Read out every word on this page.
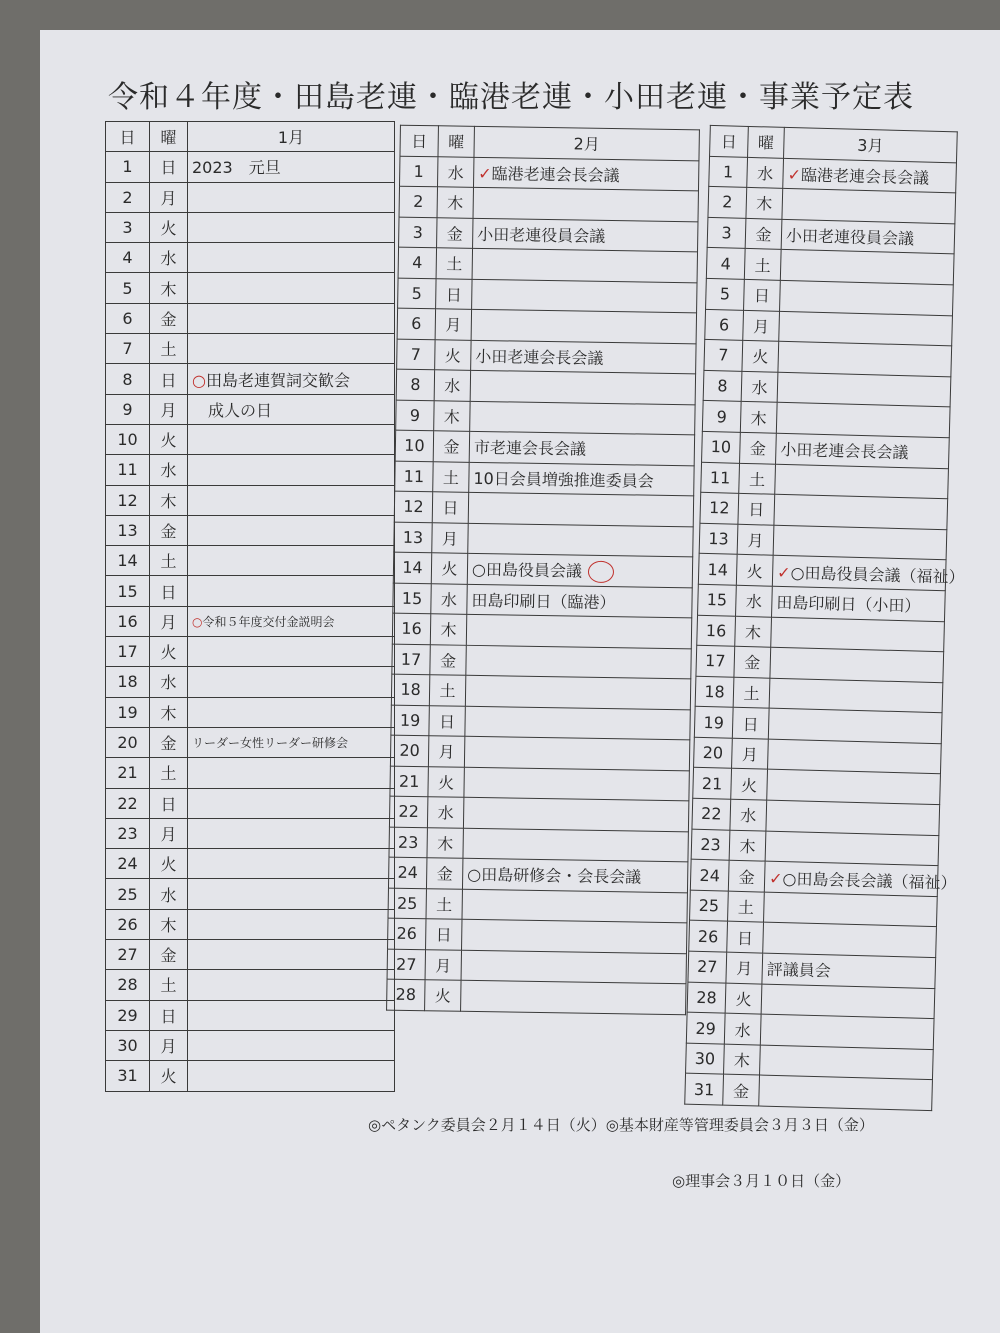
令和４年度・田島老連・臨港老連・小田老連・事業予定表
日	曜	1月
1	日	2023　元旦
2	月	
3	火	
4	水	
5	木	
6	金	
7	土	
8	日	○田島老連賀詞交歓会
9	月	　成人の日
10	火	
11	水	
12	木	
13	金	
14	土	
15	日	
16	月	○令和５年度交付金説明会
17	火	
18	水	
19	木	
20	金	リーダー女性リーダー研修会
21	土	
22	日	
23	月	
24	火	
25	水	
26	木	
27	金	
28	土	
29	日	
30	月	
31	火	
日	曜	2月
1	水	✓臨港老連会長会議
2	木	
3	金	小田老連役員会議
4	土	
5	日	
6	月	
7	火	小田老連会長会議
8	水	
9	木	
10	金	市老連会長会議
11	土	10日会員増強推進委員会
12	日	
13	月	
14	火	○田島役員会議
15	水	田島印刷日（臨港）
16	木	
17	金	
18	土	
19	日	
20	月	
21	火	
22	水	
23	木	
24	金	○田島研修会・会長会議
25	土	
26	日	
27	月	
28	火	
日	曜	3月
1	水	✓臨港老連会長会議
2	木	
3	金	小田老連役員会議
4	土	
5	日	
6	月	
7	火	
8	水	
9	木	
10	金	小田老連会長会議
11	土	
12	日	
13	月	
14	火	✓○田島役員会議（福祉）
15	水	田島印刷日（小田）
16	木	
17	金	
18	土	
19	日	
20	月	
21	火	
22	水	
23	木	
24	金	✓○田島会長会議（福祉）
25	土	
26	日	
27	月	評議員会
28	火	
29	水	
30	木	
31	金	
◎ペタンク委員会２月１４日（火）◎基本財産等管理委員会３月３日（金）
◎理事会３月１０日（金）
